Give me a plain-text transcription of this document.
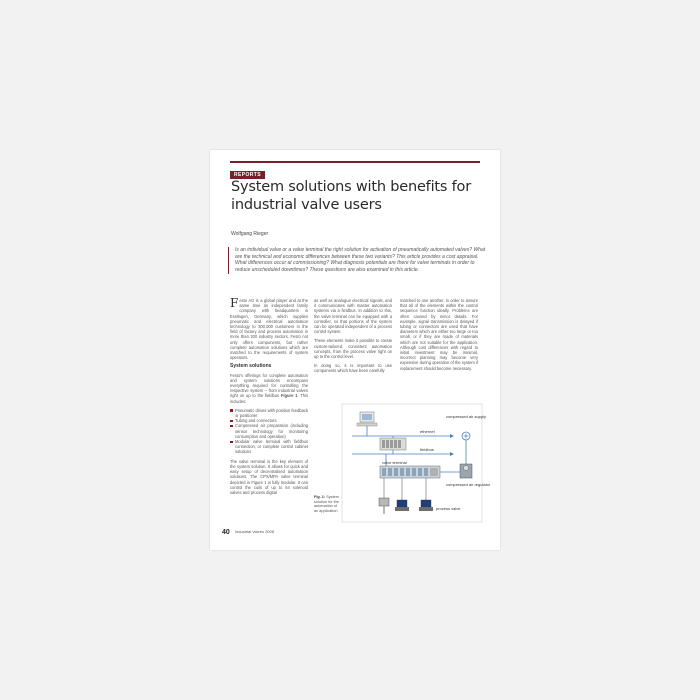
REPORTS
System solutions with benefits for industrial valve users
Wolfgang Rieger
Is an individual valve or a valve terminal the right solution for activation of pneumatically automated valves? What are the technical and economic differences between these two variants? This article provides a cost appraisal. What differences occur at commissioning? What diagnosis potentials are there for valve terminals in order to reduce unscheduled downtimes? These questions are also examined in this article.

Festo AG is a global player and at the same time an independent family company with headquarters in Esslingen, Germany, which supplies pneumatic and electrical automation technology to 300,000 customers in the field of factory and process automation in more than 200 industry sectors. Festo not only offers components, but rather complete automation solutions which are matched to the requirements of system operators.

System solutions

Festo's offerings for complete automation and system solutions encompass everything required for controlling the respective system – from industrial valves right on up to the fieldbus Figure 1. This includes:

Pneumatic drives with position feedback or positioner
Tubing and connectors
Compressed air preparation (including sensor technology for monitoring consumption and operation)
Modular valve terminal with fieldbus connection, or complete control cabinet solutions

The valve terminal is the key element of the system solution. It allows for quick and easy setup of decentralised automation solutions. The CPX/MPA valve terminal depicted in Figure 1 is fully modular. It can control the coils of up to 64 solenoid valves and process digital

as well as analogue electrical signals, and it communicates with master automation systems via a fieldbus. In addition to this, the valve terminal can be equipped with a controller, so that portions of the system can be operated independent of a process control system.

These elements make it possible to create custom-tailored, consistent automation concepts, from the process valve right on up to the control level.

In doing so, it is important to use components which have been carefully

matched to one another, in order to assure that all of the elements within the control sequence function ideally. Problems are often caused by minor details. For example, signal transmission is delayed if tubing or connectors are used that have diameters which are either too large or too small, or if they are made of materials which are not suitable for the application. Although cost differences with regard to initial investment may be minimal, incorrect planning may become very expensive during operation of the system if replacement should become necessary.

ethernet
fieldbus
valve terminal
compressed air supply
compressed air regulator
process valve
Fig. 1: System solution for the automation of an application
40 Industrial Valves 2008
